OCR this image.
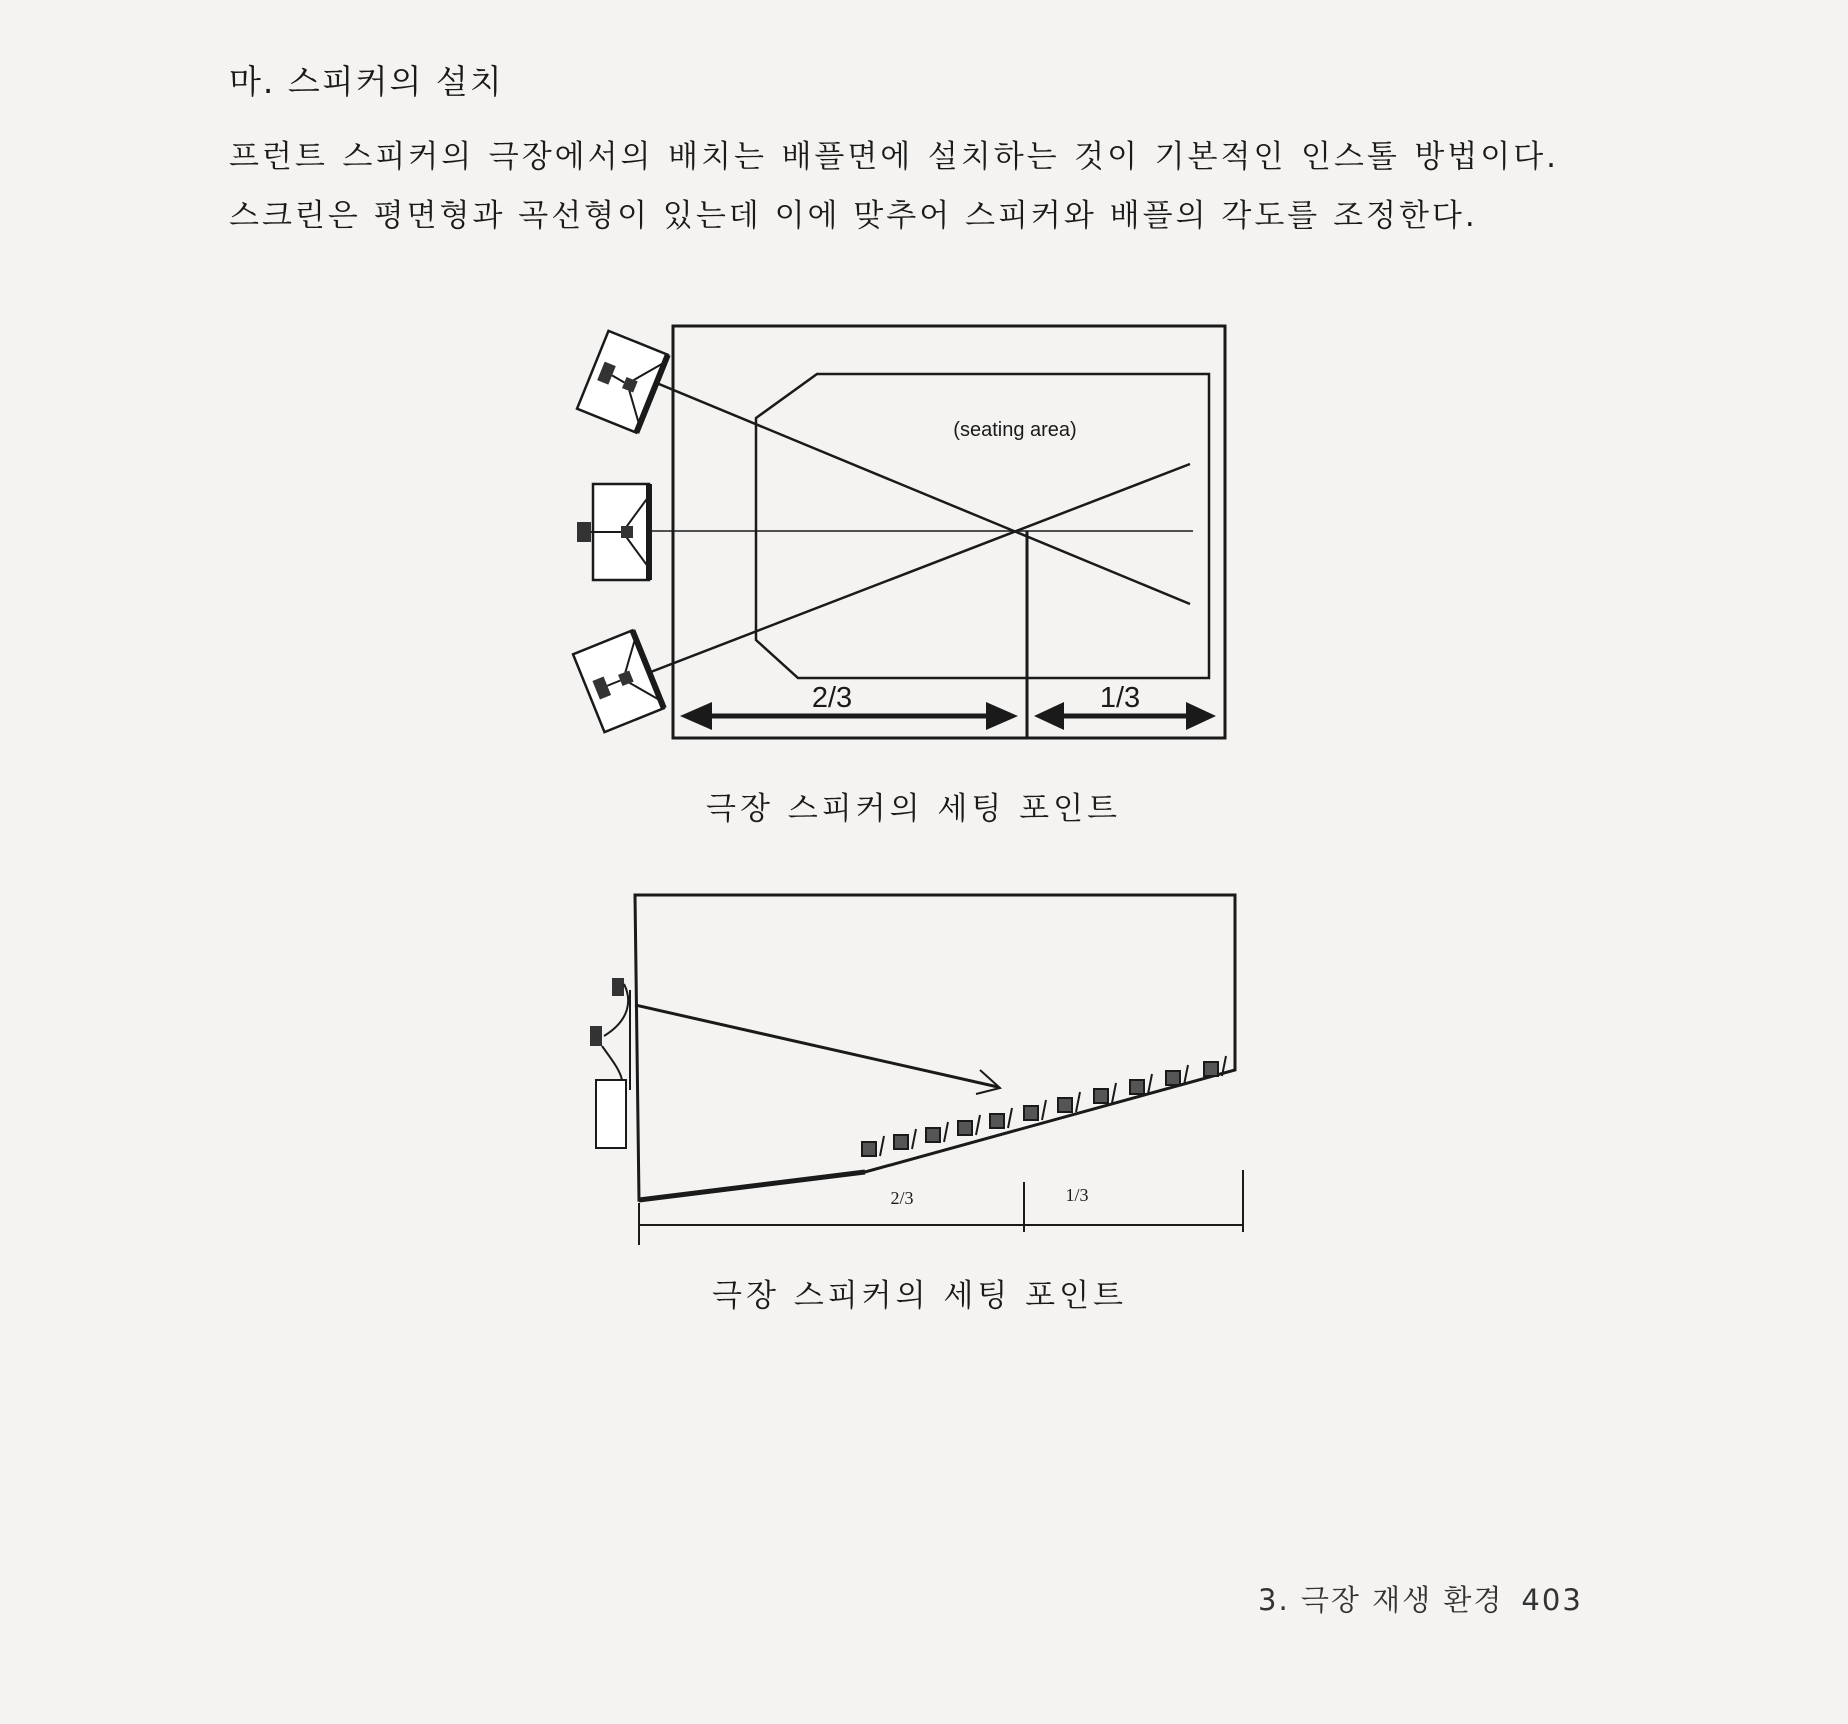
마. 스피커의 설치

프런트 스피커의 극장에서의 배치는 배플면에 설치하는 것이 기본적인 인스톨 방법이다. 스크린은 평면형과 곡선형이 있는데 이에 맞추어 스피커와 배플의 각도를 조정한다.

(seating area)
2/3	1/3
극장 스피커의 세팅 포인트
2/3	1/3
극장 스피커의 세팅 포인트
3. 극장 재생 환경 403
